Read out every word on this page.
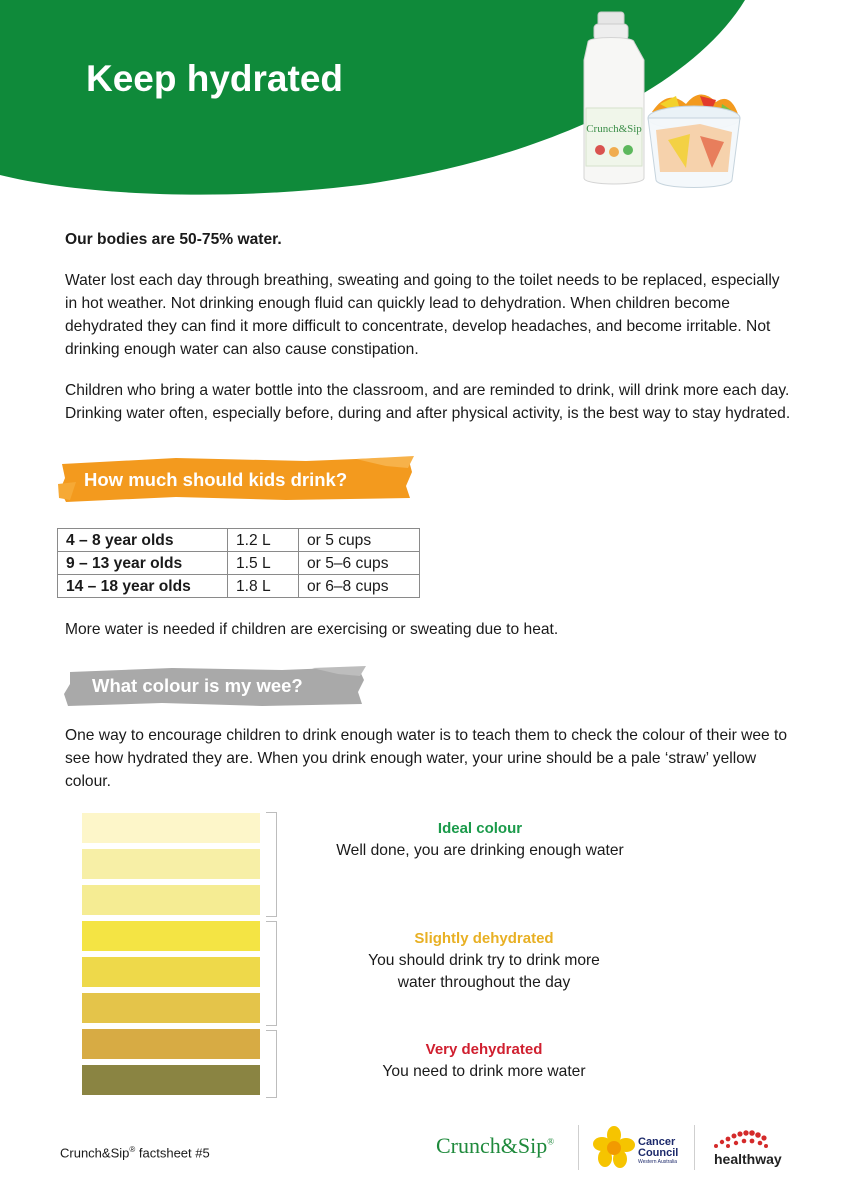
Crunch&Sip
Keep hydrated

Our bodies are 50-75% water.

Water lost each day through breathing, sweating and going to the toilet needs to be replaced, especially in hot weather. Not drinking enough fluid can quickly lead to dehydration. When children become dehydrated they can find it more difficult to concentrate, develop headaches, and become irritable. Not drinking enough water can also cause constipation.

Children who bring a water bottle into the classroom, and are reminded to drink, will drink more each day. Drinking water often, especially before, during and after physical activity, is the best way to stay hydrated.

How much should kids drink?

4 – 8 year olds	1.2 L	or 5 cups
9 – 13 year olds	1.5 L	or 5–6 cups
14 – 18 year olds	1.8 L	or 6–8 cups

More water is needed if children are exercising or sweating due to heat.

What colour is my wee?

One way to encourage children to drink enough water is to teach them to check the colour of their wee to see how hydrated they are. When you drink enough water, your urine should be a pale ‘straw’ yellow colour.

Ideal colour
Well done, you are drinking enough water
Slightly dehydrated
You should drink try to drink more
water throughout the day
Very dehydrated
You need to drink more water

Crunch&Sip® factsheet #5	Crunch&Sip®	Cancer
Council
Western Australia	healthway
